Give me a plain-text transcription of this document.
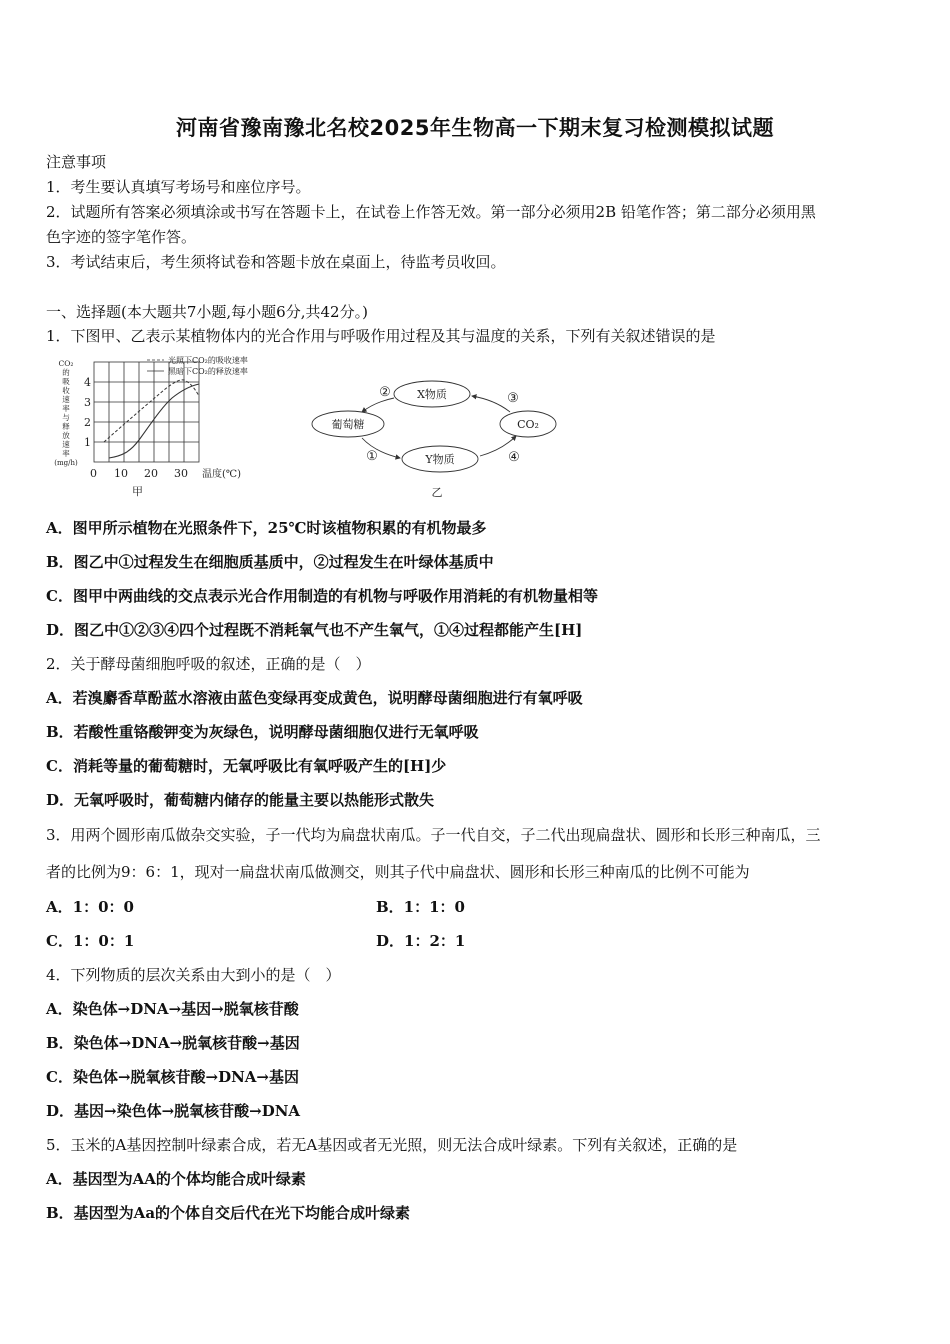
河南省豫南豫北名校2025年生物高一下期末复习检测模拟试题
注意事项
1．考生要认真填写考场号和座位序号。
2．试题所有答案必须填涂或书写在答题卡上，在试卷上作答无效。第一部分必须用2B 铅笔作答；第二部分必须用黑
色字迹的签字笔作答。
3．考试结束后，考生须将试卷和答题卡放在桌面上，待监考员收回。
一、选择题(本大题共7小题,每小题6分,共42分。)
1．下图甲、乙表示某植物体内的光合作用与呼吸作用过程及其与温度的关系，下列有关叙述错误的是
CO₂
的
吸
收
速
率
与
释
放
速
率
(mg/h)
光照下CO₂的吸收速率
黑暗下CO₂的释放速率
1
2
3
4
0 10 20 30 温度(℃)
甲
X物质
葡萄糖	CO₂
Y物质
①
②	③
④
乙
A．图甲所示植物在光照条件下，25℃时该植物积累的有机物最多
B．图乙中①过程发生在细胞质基质中，②过程发生在叶绿体基质中
C．图甲中两曲线的交点表示光合作用制造的有机物与呼吸作用消耗的有机物量相等
D．图乙中①②③④四个过程既不消耗氧气也不产生氧气，①④过程都能产生[H]
2．关于酵母菌细胞呼吸的叙述，正确的是（　）
A．若溴麝香草酚蓝水溶液由蓝色变绿再变成黄色，说明酵母菌细胞进行有氧呼吸
B．若酸性重铬酸钾变为灰绿色，说明酵母菌细胞仅进行无氧呼吸
C．消耗等量的葡萄糖时，无氧呼吸比有氧呼吸产生的[H]少
D．无氧呼吸时，葡萄糖内储存的能量主要以热能形式散失
3．用两个圆形南瓜做杂交实验，子一代均为扁盘状南瓜。子一代自交，子二代出现扁盘状、圆形和长形三种南瓜，三
者的比例为9：6：1，现对一扁盘状南瓜做测交，则其子代中扁盘状、圆形和长形三种南瓜的比例不可能为
A．1：0：0	B．1：1：0
C．1：0：1	D．1：2：1
4．下列物质的层次关系由大到小的是（　）
A．染色体→DNA→基因→脱氧核苷酸
B．染色体→DNA→脱氧核苷酸→基因
C．染色体→脱氧核苷酸→DNA→基因
D．基因→染色体→脱氧核苷酸→DNA
5．玉米的A基因控制叶绿素合成，若无A基因或者无光照，则无法合成叶绿素。下列有关叙述，正确的是
A．基因型为AA的个体均能合成叶绿素
B．基因型为Aa的个体自交后代在光下均能合成叶绿素
